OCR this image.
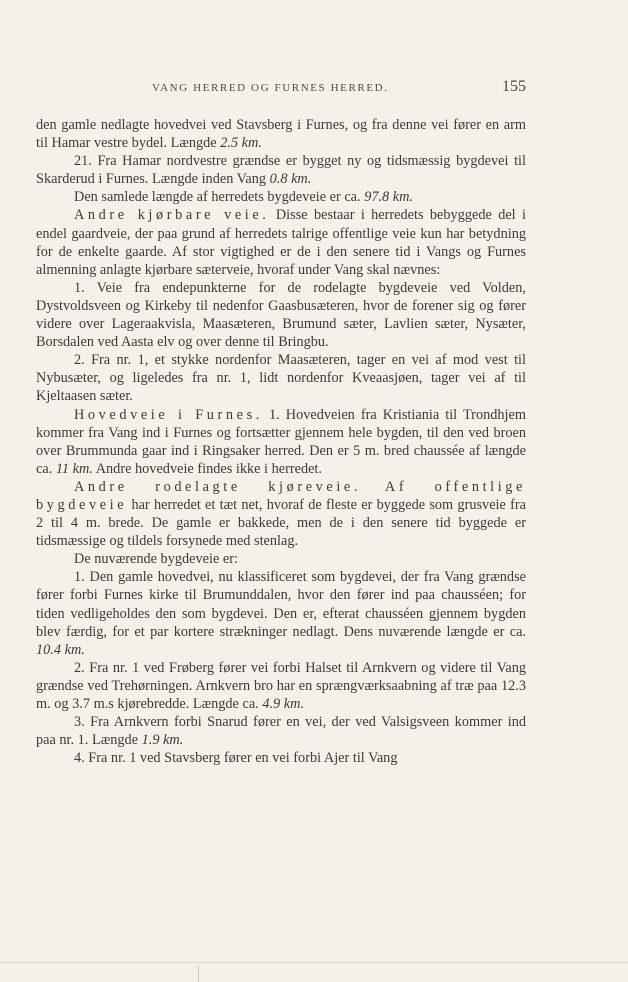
VANG HERRED OG FURNES HERRED.	155

den gamle nedlagte hovedvei ved Stavsberg i Furnes, og fra denne vei fører en arm til Hamar vestre bydel. Længde 2.5 km.

21. Fra Hamar nordvestre grændse er bygget ny og tidsmæssig bygdevei til Skarderud i Furnes. Længde inden Vang 0.8 km.

Den samlede længde af herredets bygdeveie er ca. 97.8 km.

Andre kjørbare veie. Disse bestaar i herredets bebyggede del i endel gaardveie, der paa grund af herredets talrige offentlige veie kun har betydning for de enkelte gaarde. Af stor vigtighed er de i den senere tid i Vangs og Furnes almenning anlagte kjørbare sæterveie, hvoraf under Vang skal nævnes:

1. Veie fra endepunkterne for de rodelagte bygdeveie ved Volden, Dystvoldsveen og Kirkeby til nedenfor Gaasbusæteren, hvor de forener sig og fører videre over Lageraakvisla, Maasæteren, Brumund sæter, Lavlien sæter, Nysæter, Borsdalen ved Aasta elv og over denne til Bringbu.

2. Fra nr. 1, et stykke nordenfor Maasæteren, tager en vei af mod vest til Nybusæter, og ligeledes fra nr. 1, lidt nordenfor Kveaasjøen, tager vei af til Kjeltaasen sæter.

Hovedveie i Furnes. 1. Hovedveien fra Kristiania til Trondhjem kommer fra Vang ind i Furnes og fortsætter gjennem hele bygden, til den ved broen over Brummunda gaar ind i Ringsaker herred. Den er 5 m. bred chaussée af længde ca. 11 km. Andre hovedveie findes ikke i herredet.

Andre rodelagte kjøreveie. Af offentlige bygdeveie har herredet et tæt net, hvoraf de fleste er byggede som grusveie fra 2 til 4 m. brede. De gamle er bakkede, men de i den senere tid byggede er tidsmæssige og tildels forsynede med stenlag.

De nuværende bygdeveie er:

1. Den gamle hovedvei, nu klassificeret som bygdevei, der fra Vang grændse fører forbi Furnes kirke til Brumunddalen, hvor den fører ind paa chausséen; for tiden vedligeholdes den som bygdevei. Den er, efterat chausséen gjennem bygden blev færdig, for et par kortere strækninger nedlagt. Dens nuværende længde er ca. 10.4 km.

2. Fra nr. 1 ved Frøberg fører vei forbi Halset til Arnkvern og videre til Vang grændse ved Trehørningen. Arnkvern bro har en sprængværksaabning af træ paa 12.3 m. og 3.7 m.s kjørebredde. Længde ca. 4.9 km.

3. Fra Arnkvern forbi Snarud fører en vei, der ved Valsigsveen kommer ind paa nr. 1. Længde 1.9 km.

4. Fra nr. 1 ved Stavsberg fører en vei forbi Ajer til Vang
